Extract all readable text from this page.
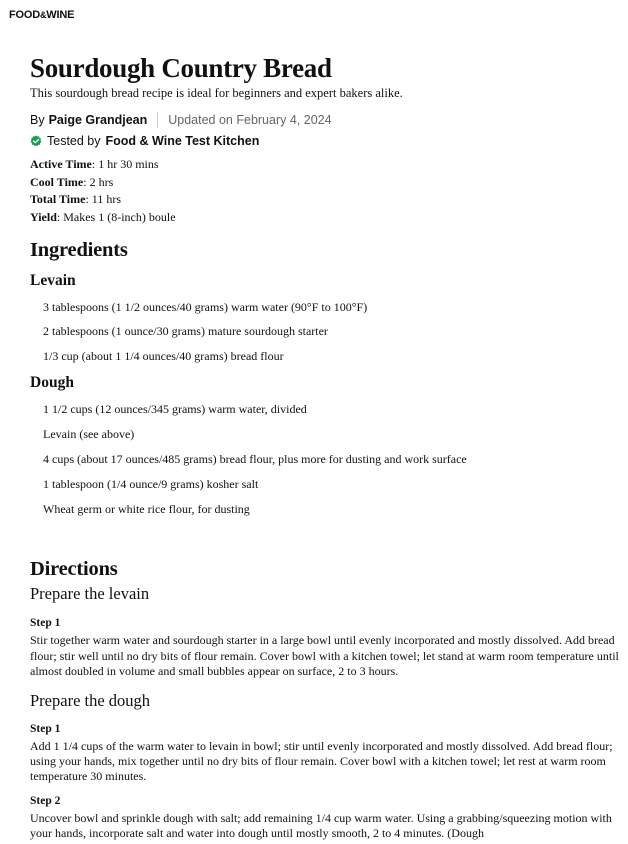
FOOD&WINE
Sourdough Country Bread

This sourdough bread recipe is ideal for beginners and expert bakers alike.

By Paige Grandjean Updated on February 4, 2024
Tested by Food & Wine Test Kitchen
Active Time: 1 hr 30 mins
Cool Time: 2 hrs
Total Time: 11 hrs
Yield: Makes 1 (8-inch) boule
Ingredients
Levain
3 tablespoons (1 1/2 ounces/40 grams) warm water (90°F to 100°F)
2 tablespoons (1 ounce/30 grams) mature sourdough starter
1/3 cup (about 1 1/4 ounces/40 grams) bread flour
Dough
1 1/2 cups (12 ounces/345 grams) warm water, divided
Levain (see above)
4 cups (about 17 ounces/485 grams) bread flour, plus more for dusting and work surface
1 tablespoon (1/4 ounce/9 grams) kosher salt
Wheat germ or white rice flour, for dusting
Directions
Prepare the levain
Step 1

Stir together warm water and sourdough starter in a large bowl until evenly incorporated and mostly dissolved. Add bread flour; stir well until no dry bits of flour remain. Cover bowl with a kitchen towel; let stand at warm room temperature until almost doubled in volume and small bubbles appear on surface, 2 to 3 hours.

Prepare the dough
Step 1

Add 1 1/4 cups of the warm water to levain in bowl; stir until evenly incorporated and mostly dissolved. Add bread flour; using your hands, mix together until no dry bits of flour remain. Cover bowl with a kitchen towel; let rest at warm room temperature 30 minutes.

Step 2

Uncover bowl and sprinkle dough with salt; add remaining 1/4 cup warm water. Using a grabbing/squeezing motion with your hands, incorporate salt and water into dough until mostly smooth, 2 to 4 minutes. (Dough
